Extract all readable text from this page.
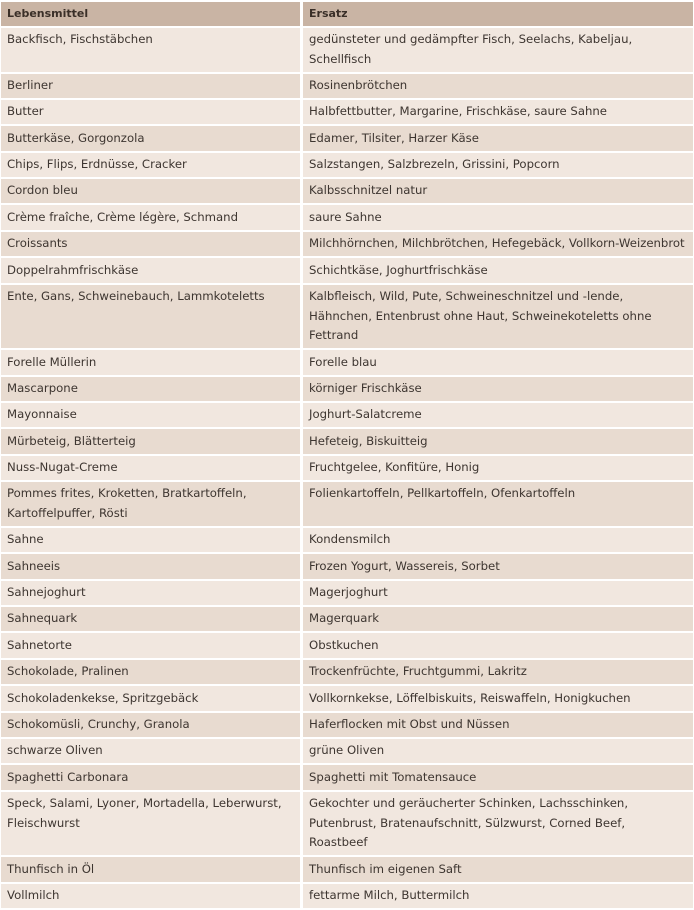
Lebensmittel	Ersatz
Backfisch, Fischstäbchen	gedünsteter und gedämpfter Fisch, Seelachs, Kabeljau, Schellfisch
Berliner	Rosinenbrötchen
Butter	Halbfettbutter, Margarine, Frischkäse, saure Sahne
Butterkäse, Gorgonzola	Edamer, Tilsiter, Harzer Käse
Chips, Flips, Erdnüsse, Cracker	Salzstangen, Salzbrezeln, Grissini, Popcorn
Cordon bleu	Kalbsschnitzel natur
Crème fraîche, Crème légère, Schmand	saure Sahne
Croissants	Milchhörnchen, Milchbrötchen, Hefegebäck, Vollkorn-Weizenbrot
Doppelrahmfrischkäse	Schichtkäse, Joghurtfrischkäse
Ente, Gans, Schweinebauch, Lammkoteletts	Kalbfleisch, Wild, Pute, Schweineschnitzel und -lende, Hähnchen, Entenbrust ohne Haut, Schweinekoteletts ohne Fettrand
Forelle Müllerin	Forelle blau
Mascarpone	körniger Frischkäse
Mayonnaise	Joghurt-Salatcreme
Mürbeteig, Blätterteig	Hefeteig, Biskuitteig
Nuss-Nugat-Creme	Fruchtgelee, Konfitüre, Honig
Pommes frites, Kroketten, Bratkartoffeln, Kartoffelpuffer, Rösti	Folienkartoffeln, Pellkartoffeln, Ofenkartoffeln
Sahne	Kondensmilch
Sahneeis	Frozen Yogurt, Wassereis, Sorbet
Sahnejoghurt	Magerjoghurt
Sahnequark	Magerquark
Sahnetorte	Obstkuchen
Schokolade, Pralinen	Trockenfrüchte, Fruchtgummi, Lakritz
Schokoladenkekse, Spritzgebäck	Vollkornkekse, Löffelbiskuits, Reiswaffeln, Honigkuchen
Schokomüsli, Crunchy, Granola	Haferflocken mit Obst und Nüssen
schwarze Oliven	grüne Oliven
Spaghetti Carbonara	Spaghetti mit Tomatensauce
Speck, Salami, Lyoner, Mortadella, Leberwurst, Fleischwurst	Gekochter und geräucherter Schinken, Lachsschinken, Putenbrust, Bratenaufschnitt, Sülzwurst, Corned Beef, Roastbeef
Thunfisch in Öl	Thunfisch im eigenen Saft
Vollmilch	fettarme Milch, Buttermilch
